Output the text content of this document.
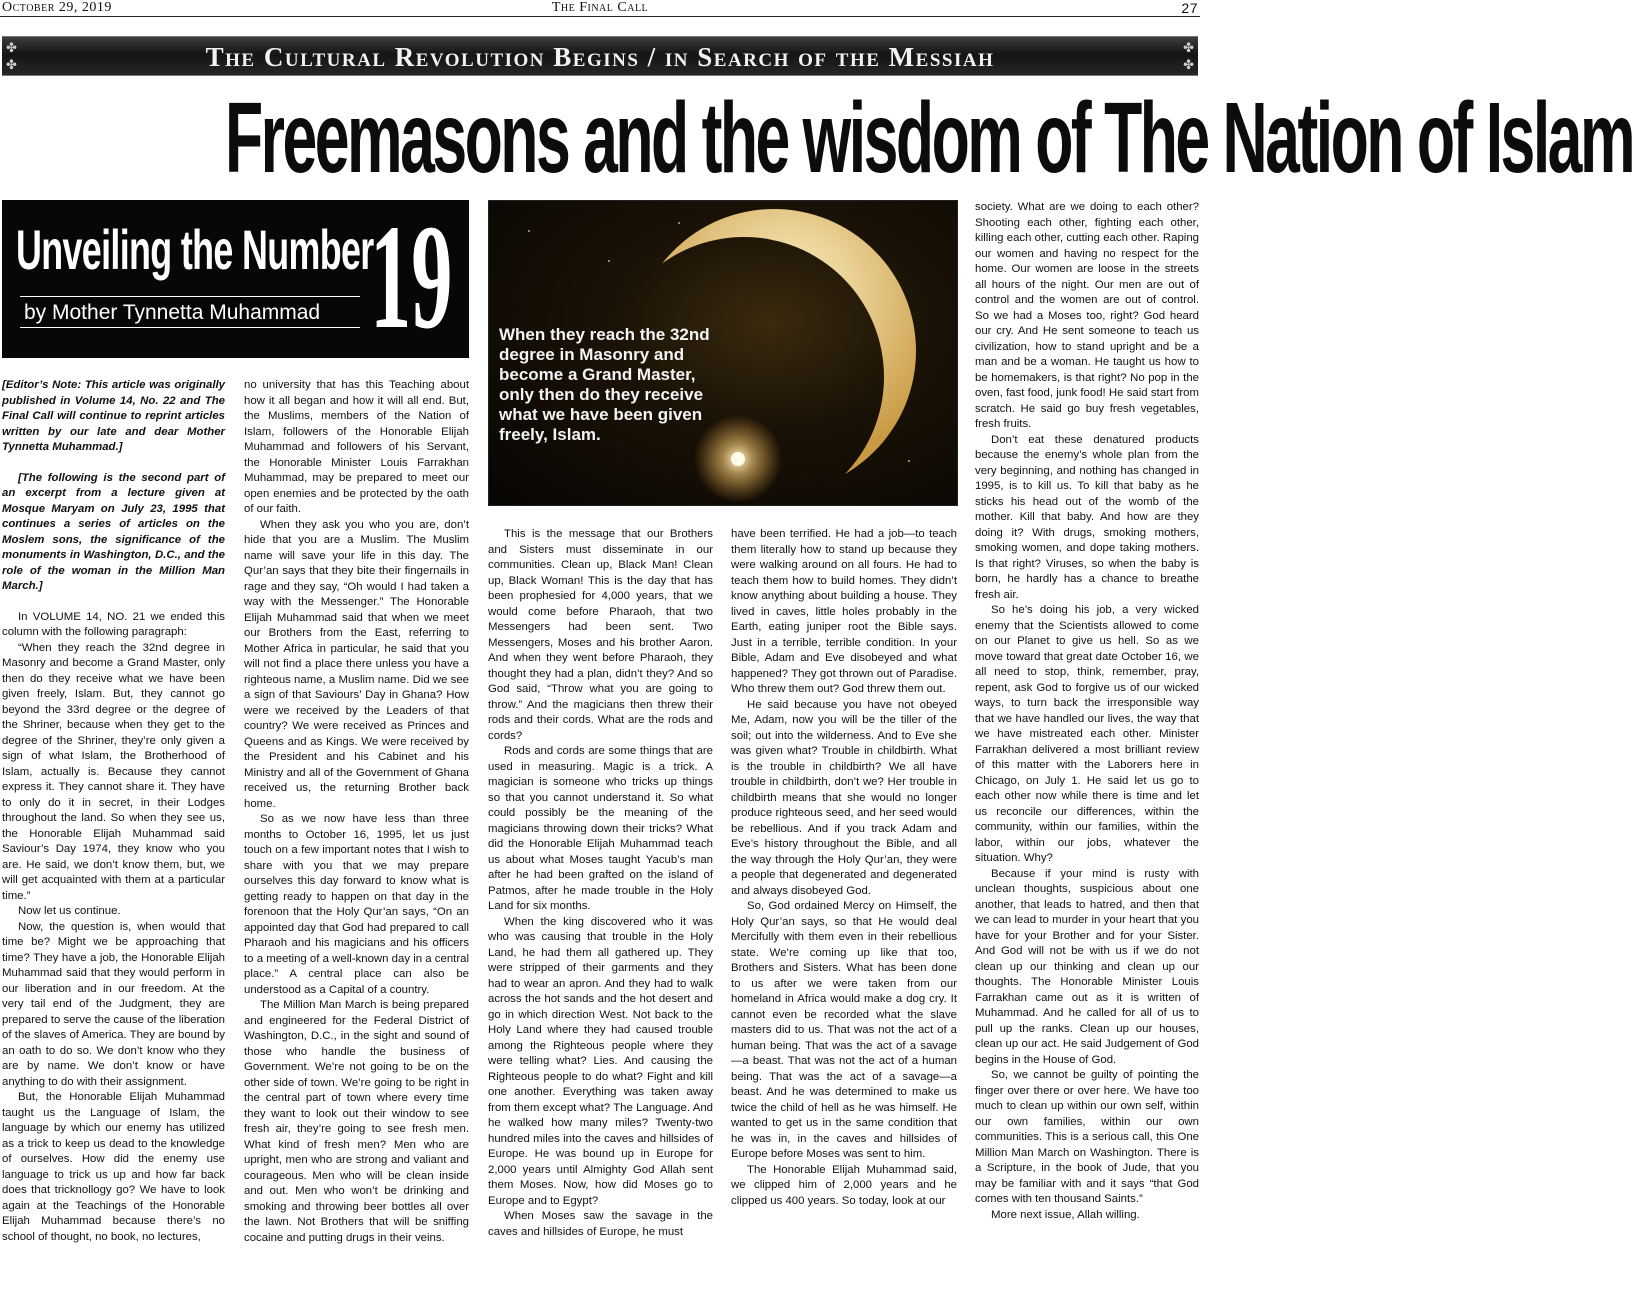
October 29, 2019	The Final Call	27
✤
✤	The Cultural Revolution Begins / in Search of the Messiah	✤
✤
Freemasons and the wisdom of The Nation of Islam
Unveiling the Number
by Mother Tynnetta Muhammad 19	When they reach the 32nd degree in Masonry and become a Grand Master, only then do they receive what we have been given freely, Islam.

[Editor’s Note: This article was originally published in Volume 14, No. 22 and The Final Call will continue to reprint articles written by our late and dear Mother Tynnetta Muhammad.]

[The following is the second part of an excerpt from a lecture given at Mosque Maryam on July 23, 1995 that continues a series of articles on the Moslem sons, the significance of the monuments in Washington, D.C., and the role of the woman in the Million Man March.]

In VOLUME 14, NO. 21 we ended this column with the following paragraph:

“When they reach the 32nd degree in Masonry and become a Grand Master, only then do they receive what we have been given freely, Islam. But, they cannot go beyond the 33rd degree or the degree of the Shriner, because when they get to the degree of the Shriner, they’re only given a sign of what Islam, the Brotherhood of Islam, actually is. Because they cannot express it. They cannot share it. They have to only do it in secret, in their Lodges throughout the land. So when they see us, the Honorable Elijah Muhammad said Saviour’s Day 1974, they know who you are. He said, we don’t know them, but, we will get acquainted with them at a particular time.”

Now let us continue.

Now, the question is, when would that time be? Might we be approaching that time? They have a job, the Honorable Elijah Muhammad said that they would perform in our liberation and in our freedom. At the very tail end of the Judgment, they are prepared to serve the cause of the liberation of the slaves of America. They are bound by an oath to do so. We don’t know who they are by name. We don’t know or have anything to do with their assignment.

But, the Honorable Elijah Muhammad taught us the Language of Islam, the language by which our enemy has utilized as a trick to keep us dead to the knowledge of ourselves. How did the enemy use language to trick us up and how far back does that tricknollogy go? We have to look again at the Teachings of the Honorable Elijah Muhammad because there’s no school of thought, no book, no lectures,

no university that has this Teaching about how it all began and how it will all end. But, the Muslims, members of the Nation of Islam, followers of the Honorable Elijah Muhammad and followers of his Servant, the Honorable Minister Louis Farrakhan Muhammad, may be prepared to meet our open enemies and be protected by the oath of our faith.

When they ask you who you are, don’t hide that you are a Muslim. The Muslim name will save your life in this day. The Qur’an says that they bite their fingernails in rage and they say, “Oh would I had taken a way with the Messenger.” The Honorable Elijah Muhammad said that when we meet our Brothers from the East, referring to Mother Africa in particular, he said that you will not find a place there unless you have a righteous name, a Muslim name. Did we see a sign of that Saviours’ Day in Ghana? How were we received by the Leaders of that country? We were received as Princes and Queens and as Kings. We were received by the President and his Cabinet and his Ministry and all of the Government of Ghana received us, the returning Brother back home.

So as we now have less than three months to October 16, 1995, let us just touch on a few important notes that I wish to share with you that we may prepare ourselves this day forward to know what is getting ready to happen on that day in the forenoon that the Holy Qur’an says, “On an appointed day that God had prepared to call Pharaoh and his magicians and his officers to a meeting of a well-known day in a central place.” A central place can also be understood as a Capital of a country.

The Million Man March is being prepared and engineered for the Federal District of Washington, D.C., in the sight and sound of those who handle the business of Government. We’re not going to be on the other side of town. We’re going to be right in the central part of town where every time they want to look out their window to see fresh air, they’re going to see fresh men. What kind of fresh men? Men who are upright, men who are strong and valiant and courageous. Men who will be clean inside and out. Men who won’t be drinking and smoking and throwing beer bottles all over the lawn. Not Brothers that will be sniffing cocaine and putting drugs in their veins.

This is the message that our Brothers and Sisters must disseminate in our communities. Clean up, Black Man! Clean up, Black Woman! This is the day that has been prophesied for 4,000 years, that we would come before Pharaoh, that two Messengers had been sent. Two Messengers, Moses and his brother Aaron. And when they went before Pharaoh, they thought they had a plan, didn’t they? And so God said, “Throw what you are going to throw.” And the magicians then threw their rods and their cords. What are the rods and cords?

Rods and cords are some things that are used in measuring. Magic is a trick. A magician is someone who tricks up things so that you cannot understand it. So what could possibly be the meaning of the magicians throwing down their tricks? What did the Honorable Elijah Muhammad teach us about what Moses taught Yacub’s man after he had been grafted on the island of Patmos, after he made trouble in the Holy Land for six months.

When the king discovered who it was who was causing that trouble in the Holy Land, he had them all gathered up. They were stripped of their garments and they had to wear an apron. And they had to walk across the hot sands and the hot desert and go in which direction West. Not back to the Holy Land where they had caused trouble among the Righteous people where they were telling what? Lies. And causing the Righteous people to do what? Fight and kill one another. Everything was taken away from them except what? The Language. And he walked how many miles? Twenty-two hundred miles into the caves and hillsides of Europe. He was bound up in Europe for 2,000 years until Almighty God Allah sent them Moses. Now, how did Moses go to Europe and to Egypt?

When Moses saw the savage in the caves and hillsides of Europe, he must

have been terrified. He had a job—to teach them literally how to stand up because they were walking around on all fours. He had to teach them how to build homes. They didn’t know anything about building a house. They lived in caves, little holes probably in the Earth, eating juniper root the Bible says. Just in a terrible, terrible condition. In your Bible, Adam and Eve disobeyed and what happened? They got thrown out of Paradise. Who threw them out? God threw them out.

He said because you have not obeyed Me, Adam, now you will be the tiller of the soil; out into the wilderness. And to Eve she was given what? Trouble in childbirth. What is the trouble in childbirth? We all have trouble in childbirth, don’t we? Her trouble in childbirth means that she would no longer produce righteous seed, and her seed would be rebellious. And if you track Adam and Eve’s history throughout the Bible, and all the way through the Holy Qur’an, they were a people that degenerated and degenerated and always disobeyed God.

So, God ordained Mercy on Himself, the Holy Qur’an says, so that He would deal Mercifully with them even in their rebellious state. We’re coming up like that too, Brothers and Sisters. What has been done to us after we were taken from our homeland in Africa would make a dog cry. It cannot even be recorded what the slave masters did to us. That was not the act of a human being. That was the act of a savage—a beast. That was not the act of a human being. That was the act of a savage—a beast. And he was determined to make us twice the child of hell as he was himself. He wanted to get us in the same condition that he was in, in the caves and hillsides of Europe before Moses was sent to him.

The Honorable Elijah Muhammad said, we clipped him of 2,000 years and he clipped us 400 years. So today, look at our

society. What are we doing to each other? Shooting each other, fighting each other, killing each other, cutting each other. Raping our women and having no respect for the home. Our women are loose in the streets all hours of the night. Our men are out of control and the women are out of control. So we had a Moses too, right? God heard our cry. And He sent someone to teach us civilization, how to stand upright and be a man and be a woman. He taught us how to be homemakers, is that right? No pop in the oven, fast food, junk food! He said start from scratch. He said go buy fresh vegetables, fresh fruits.

Don’t eat these denatured products because the enemy’s whole plan from the very beginning, and nothing has changed in 1995, is to kill us. To kill that baby as he sticks his head out of the womb of the mother. Kill that baby. And how are they doing it? With drugs, smoking mothers, smoking women, and dope taking mothers. Is that right? Viruses, so when the baby is born, he hardly has a chance to breathe fresh air.

So he’s doing his job, a very wicked enemy that the Scientists allowed to come on our Planet to give us hell. So as we move toward that great date October 16, we all need to stop, think, remember, pray, repent, ask God to forgive us of our wicked ways, to turn back the irresponsible way that we have handled our lives, the way that we have mistreated each other. Minister Farrakhan delivered a most brilliant review of this matter with the Laborers here in Chicago, on July 1. He said let us go to each other now while there is time and let us reconcile our differences, within the community, within our families, within the labor, within our jobs, whatever the situation. Why?

Because if your mind is rusty with unclean thoughts, suspicious about one another, that leads to hatred, and then that we can lead to murder in your heart that you have for your Brother and for your Sister. And God will not be with us if we do not clean up our thinking and clean up our thoughts. The Honorable Minister Louis Farrakhan came out as it is written of Muhammad. And he called for all of us to pull up the ranks. Clean up our houses, clean up our act. He said Judgement of God begins in the House of God.

So, we cannot be guilty of pointing the finger over there or over here. We have too much to clean up within our own self, within our own families, within our own communities. This is a serious call, this One Million Man March on Washington. There is a Scripture, in the book of Jude, that you may be familiar with and it says “that God comes with ten thousand Saints.”

More next issue, Allah willing.
